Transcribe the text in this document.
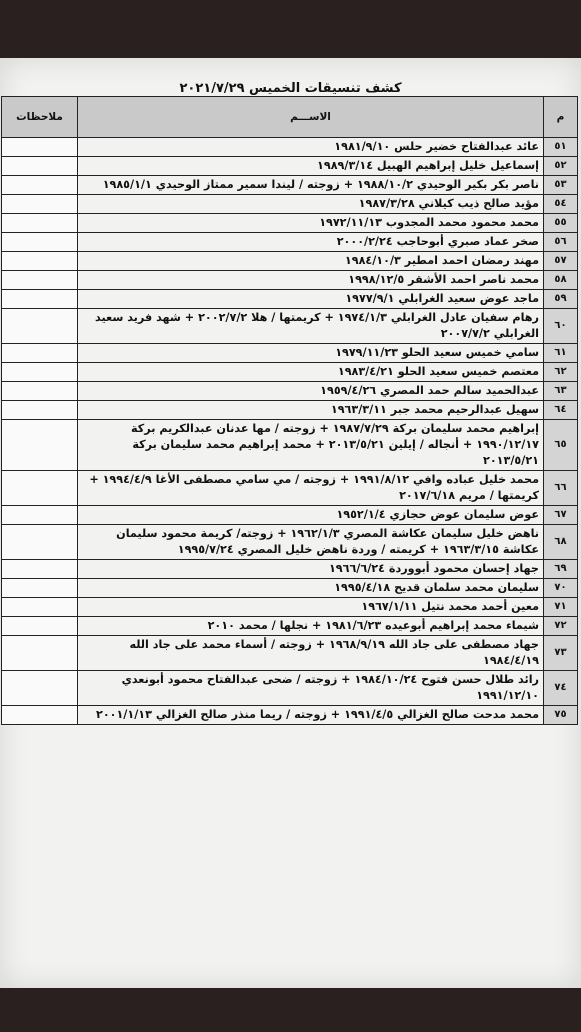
كشف تنسيقات الخميس ٢٠٢١/٧/٢٩
م	الاســـم	ملاحظات
٥١	عائد عبدالفتاح خضير حلس ١٩٨١/٩/١٠	
٥٢	إسماعيل خليل إبراهيم الهبيل ١٩٨٩/٣/١٤	
٥٣	ناصر بكر بكير الوحيدي ١٩٨٨/١٠/٢ + زوجته / ليندا سمير ممتاز الوحيدي ١٩٨٥/١/١	
٥٤	مؤيد صالح ذيب كيلاني ١٩٨٧/٣/٢٨	
٥٥	محمد محمود محمد المجدوب ١٩٧٢/١١/١٣	
٥٦	صخر عماد صبري أبوحاجب ٢٠٠٠/٢/٢٤	
٥٧	مهند رمضان احمد امطير ١٩٨٤/١٠/٣	
٥٨	محمد ناصر احمد الأشقر ١٩٩٨/١٢/٥	
٥٩	ماجد عوض سعيد الغرابلي ١٩٧٧/٩/١	
٦٠	رهام سفيان عادل الغرابلي ١٩٧٤/١/٣ + كريمتها / هلا ٢٠٠٢/٧/٢ + شهد فريد سعيد الغرابلي ٢٠٠٧/٧/٢	
٦١	سامي خميس سعيد الحلو ١٩٧٩/١١/٢٣	
٦٢	معتصم خميس سعيد الحلو ١٩٨٣/٤/٢١	
٦٣	عبدالحميد سالم حمد المصري ١٩٥٩/٤/٢٦	
٦٤	سهيل عبدالرحيم محمد جبر ١٩٦٣/٣/١١	
٦٥	إبراهيم محمد سليمان بركة ١٩٨٧/٧/٢٩ + زوجته / مها عدنان عبدالكريم بركة ١٩٩٠/١٢/١٧ + أنجاله / إيلين ٢٠١٣/٥/٢١ + محمد إبراهيم محمد سليمان بركة ٢٠١٣/٥/٢١	
٦٦	محمد خليل عباده وافي ١٩٩١/٨/١٢ + زوجته / مي سامي مصطفى الأغا ١٩٩٤/٤/٩ + كريمتها / مريم ٢٠١٧/٦/١٨	
٦٧	عوض سليمان عوض حجازي ١٩٥٢/١/٤	
٦٨	ناهض خليل سليمان عكاشة المصري ١٩٦٢/١/٣ + زوجته/ كريمة محمود سليمان عكاشة ١٩٦٣/٣/١٥ + كريمته / وردة ناهض خليل المصري ١٩٩٥/٧/٢٤	
٦٩	جهاد إحسان محمود أبووردة ١٩٦٦/٦/٢٤	
٧٠	سليمان محمد سلمان قديح ١٩٩٥/٤/١٨	
٧١	معين أحمد محمد نتيل ١٩٦٧/١/١١	
٧٢	شيماء محمد إبراهيم أبوعيده ١٩٨١/٦/٢٣ + نجلها / محمد ٢٠١٠	
٧٣	جهاد مصطفى على جاد الله ١٩٦٨/٩/١٩ + زوجته / أسماء محمد على جاد الله ١٩٨٤/٤/١٩	
٧٤	رائد طلال حسن فتوح ١٩٨٤/١٠/٢٤ + زوجته / ضحى عبدالفتاح محمود أبونعدي ١٩٩١/١٢/١٠	
٧٥	محمد مدحت صالح الغزالي ١٩٩١/٤/٥ + زوجته / ريما منذر صالح الغزالي ٢٠٠١/١/١٣	
